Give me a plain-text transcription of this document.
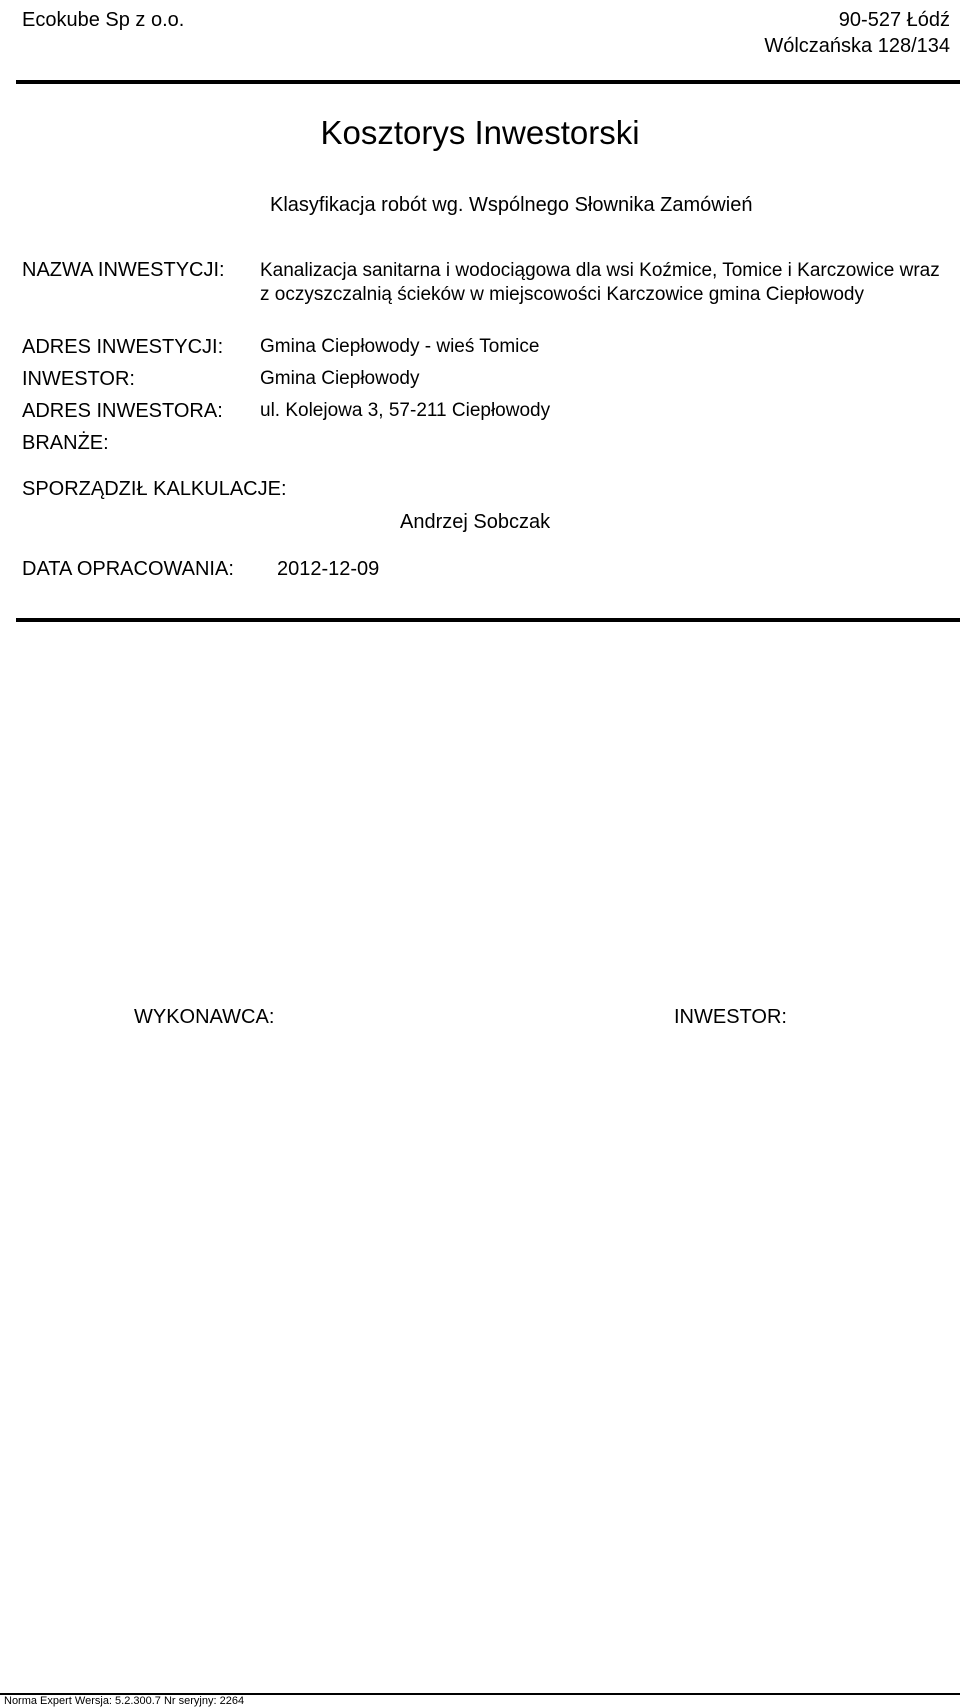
Ecokube Sp z o.o.	90-527 Łódź
Wólczańska 128/134
Kosztorys Inwestorski
Klasyfikacja robót wg. Wspólnego Słownika Zamówień
NAZWA INWESTYCJI: Kanalizacja sanitarna i wodociągowa dla wsi Koźmice, Tomice i Karczowice wraz z oczyszczalnią ścieków w miejscowości Karczowice gmina Ciepłowody
ADRES INWESTYCJI: Gmina Ciepłowody - wieś Tomice
INWESTOR:	Gmina Ciepłowody
ADRES INWESTORA: ul. Kolejowa 3, 57-211 Ciepłowody
BRANŻE:
SPORZĄDZIŁ KALKULACJE:
Andrzej Sobczak
DATA OPRACOWANIA: 2012-12-09
WYKONAWCA:	INWESTOR:
Norma Expert Wersja: 5.2.300.7 Nr seryjny: 2264
